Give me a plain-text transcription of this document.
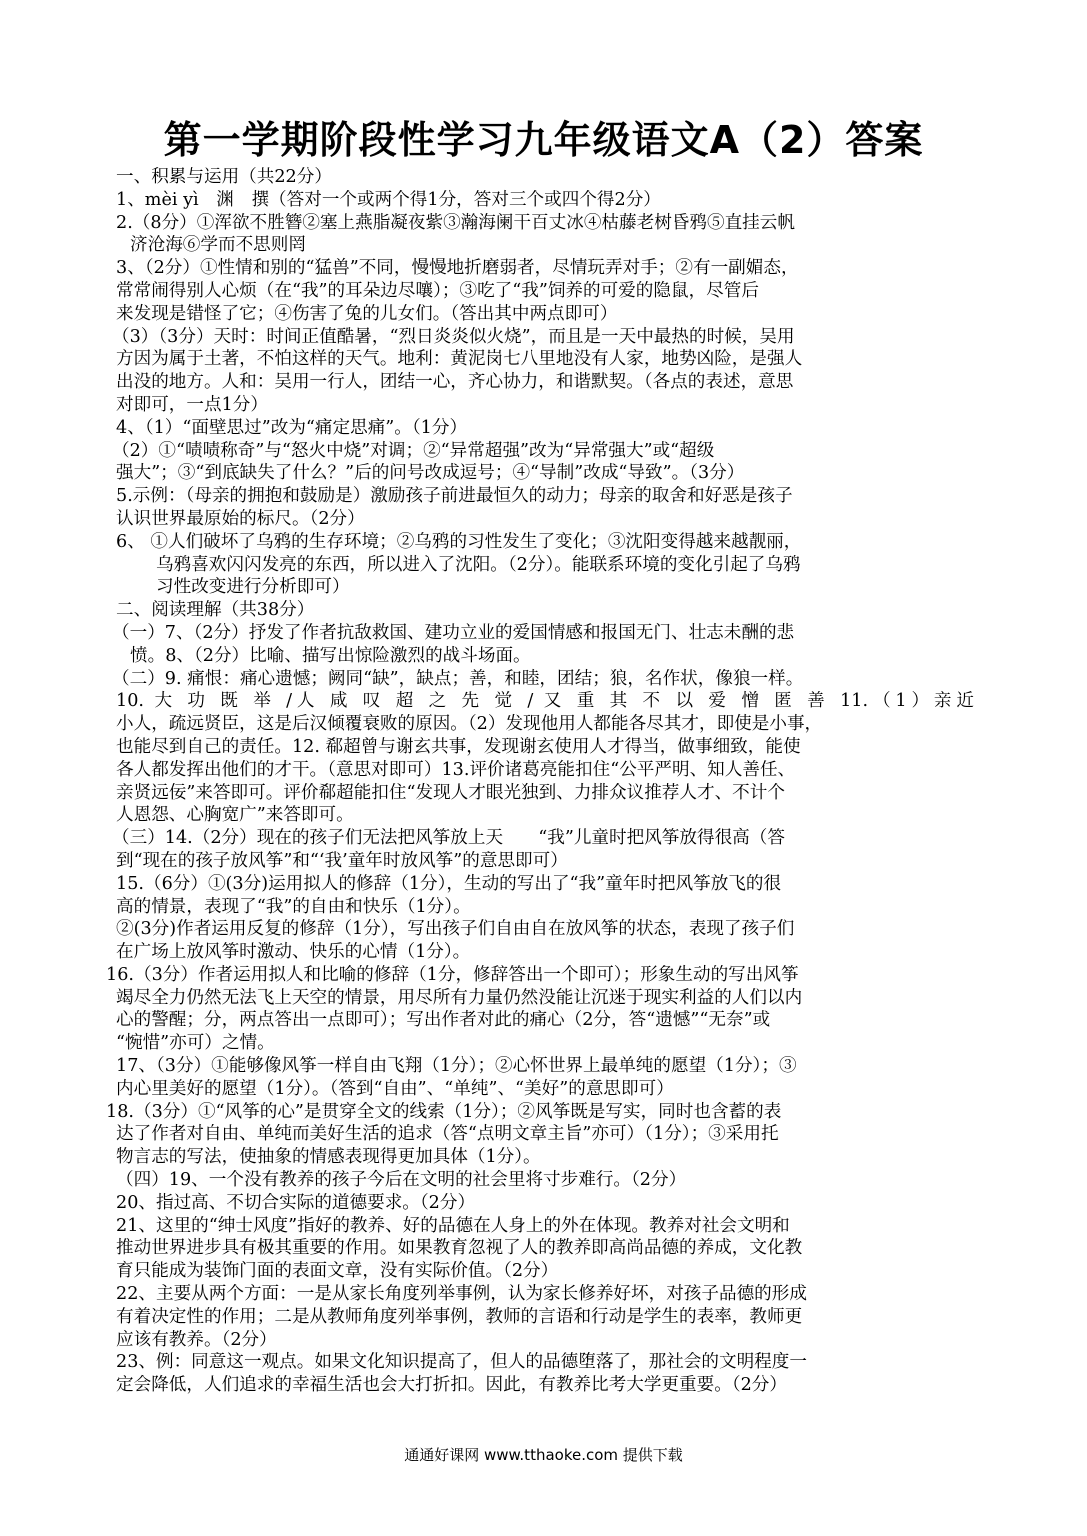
第一学期阶段性学习九年级语文A（2）答案
一、积累与运用（共22分）
1、mèi yì　渊　撰（答对一个或两个得1分，答对三个或四个得2分）
2.（8分）①浑欲不胜簪②塞上燕脂凝夜紫③瀚海阑干百丈冰④枯藤老树昏鸦⑤直挂云帆
济沧海⑥学而不思则罔
3、（2分）①性情和别的“猛兽”不同，慢慢地折磨弱者，尽情玩弄对手；②有一副媚态，
常常闹得别人心烦（在“我”的耳朵边尽嚷）；③吃了“我”饲养的可爱的隐鼠，尽管后
来发现是错怪了它；④伤害了兔的儿女们。（答出其中两点即可）
（3）（3分）天时：时间正值酷暑，“烈日炎炎似火烧”，而且是一天中最热的时候，吴用
方因为属于土著，不怕这样的天气。地利：黄泥岗七八里地没有人家，地势凶险，是强人
出没的地方。人和：吴用一行人，团结一心，齐心协力，和谐默契。（各点的表述，意思
对即可，一点1分）
4、（1）“面壁思过”改为“痛定思痛”。（1分）
（2）①“啧啧称奇”与“怒火中烧”对调；②“异常超强”改为“异常强大”或“超级
强大”；③“到底缺失了什么？”后的问号改成逗号；④“导制”改成“导致”。（3分）
5.示例：（母亲的拥抱和鼓励是）激励孩子前进最恒久的动力；母亲的取舍和好恶是孩子
认识世界最原始的标尺。（2分）
6、 ①人们破坏了乌鸦的生存环境；②乌鸦的习性发生了变化；③沈阳变得越来越靓丽，
乌鸦喜欢闪闪发亮的东西，所以进入了沈阳。（2分）。能联系环境的变化引起了乌鸦
习性改变进行分析即可）
二、阅读理解（共38分）
（一）7、（2分）抒发了作者抗敌救国、建功立业的爱国情感和报国无门、壮志未酬的悲
愤。8、（2分）比喻、描写出惊险激烈的战斗场面。
（二）9. 痛恨：痛心遗憾；阙同“缺”，缺点；善，和睦，团结；狼，名作状，像狼一样。
10. 大 功 既 举 /人 咸 叹 超 之 先 觉 / 又 重 其 不 以 爱 憎 匿 善 11.（1）亲近
小人，疏远贤臣，这是后汉倾覆衰败的原因。（2）发现他用人都能各尽其才，即使是小事，
也能尽到自己的责任。12. 郗超曾与谢玄共事，发现谢玄使用人才得当，做事细致，能使
各人都发挥出他们的才干。（意思对即可）13.评价诸葛亮能扣住“公平严明、知人善任、
亲贤远佞”来答即可。评价郗超能扣住“发现人才眼光独到、力排众议推荐人才、不计个
人恩怨、心胸宽广”来答即可。
（三）14.（2分）现在的孩子们无法把风筝放上天　　“我”儿童时把风筝放得很高（答
到“现在的孩子放风筝”和“‘我’童年时放风筝”的意思即可）
15.（6分）①(3分)运用拟人的修辞（1分），生动的写出了“我”童年时把风筝放飞的很
高的情景，表现了“我”的自由和快乐（1分）。
②(3分)作者运用反复的修辞（1分），写出孩子们自由自在放风筝的状态，表现了孩子们
在广场上放风筝时激动、快乐的心情（1分）。
16.（3分）作者运用拟人和比喻的修辞（1分，修辞答出一个即可）；形象生动的写出风筝
竭尽全力仍然无法飞上天空的情景，用尽所有力量仍然没能让沉迷于现实利益的人们以内
心的警醒；分，两点答出一点即可）；写出作者对此的痛心（2分，答“遗憾”“无奈”或
“惋惜”亦可）之情。
17、（3分）①能够像风筝一样自由飞翔（1分）；②心怀世界上最单纯的愿望（1分）；③
内心里美好的愿望（1分）。（答到“自由”、“单纯”、“美好”的意思即可）
18.（3分）①“风筝的心”是贯穿全文的线索（1分）；②风筝既是写实，同时也含蓄的表
达了作者对自由、单纯而美好生活的追求（答“点明文章主旨”亦可）（1分）；③采用托
物言志的写法，使抽象的情感表现得更加具体（1分）。
（四）19、一个没有教养的孩子今后在文明的社会里将寸步难行。（2分）
20、指过高、不切合实际的道德要求。（2分）
21、这里的“绅士风度”指好的教养、好的品德在人身上的外在体现。教养对社会文明和
推动世界进步具有极其重要的作用。如果教育忽视了人的教养即高尚品德的养成，文化教
育只能成为装饰门面的表面文章，没有实际价值。（2分）
22、主要从两个方面：一是从家长角度列举事例，认为家长修养好坏，对孩子品德的形成
有着决定性的作用；二是从教师角度列举事例，教师的言语和行动是学生的表率，教师更
应该有教养。（2分）
23、例：同意这一观点。如果文化知识提高了，但人的品德堕落了，那社会的文明程度一
定会降低，人们追求的幸福生活也会大打折扣。因此，有教养比考大学更重要。（2分）
通通好课网 www.tthaoke.com 提供下载
